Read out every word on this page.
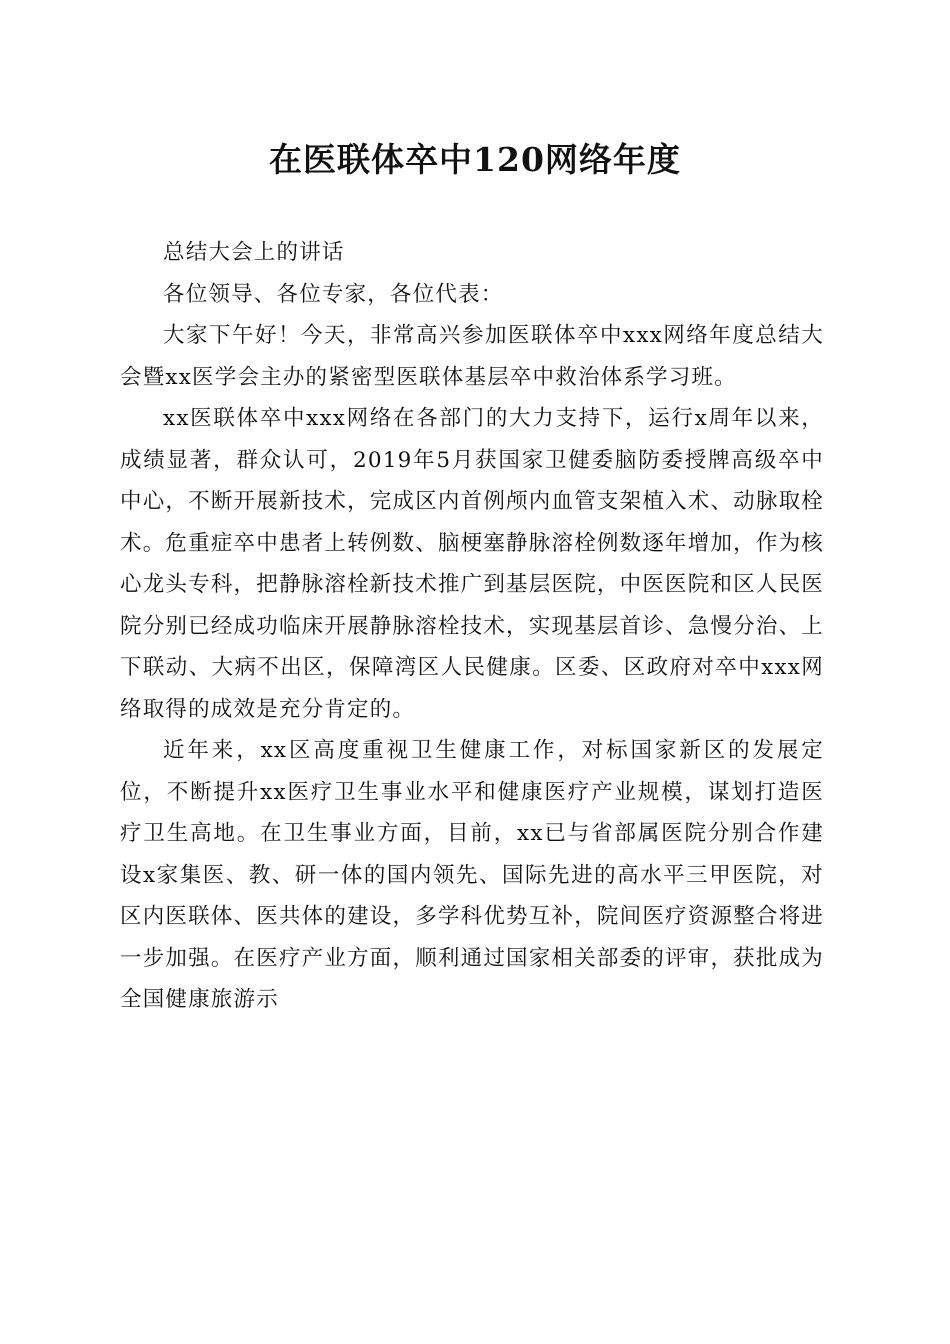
在医联体卒中120网络年度

总结大会上的讲话

各位领导、各位专家，各位代表：

大家下午好！今天，非常高兴参加医联体卒中xxx网络年度总结大会暨xx医学会主办的紧密型医联体基层卒中救治体系学习班。

xx医联体卒中xxx网络在各部门的大力支持下，运行x周年以来，成绩显著，群众认可，2019年5月获国家卫健委脑防委授牌高级卒中中心，不断开展新技术，完成区内首例颅内血管支架植入术、动脉取栓术。危重症卒中患者上转例数、脑梗塞静脉溶栓例数逐年增加，作为核心龙头专科，把静脉溶栓新技术推广到基层医院，中医医院和区人民医院分别已经成功临床开展静脉溶栓技术，实现基层首诊、急慢分治、上下联动、大病不出区，保障湾区人民健康。区委、区政府对卒中xxx网络取得的成效是充分肯定的。

近年来，xx区高度重视卫生健康工作，对标国家新区的发展定位，不断提升xx医疗卫生事业水平和健康医疗产业规模，谋划打造医疗卫生高地。在卫生事业方面，目前，xx已与省部属医院分别合作建设x家集医、教、研一体的国内领先、国际先进的高水平三甲医院，对区内医联体、医共体的建设，多学科优势互补，院间医疗资源整合将进一步加强。在医疗产业方面，顺利通过国家相关部委的评审，获批成为全国健康旅游示
